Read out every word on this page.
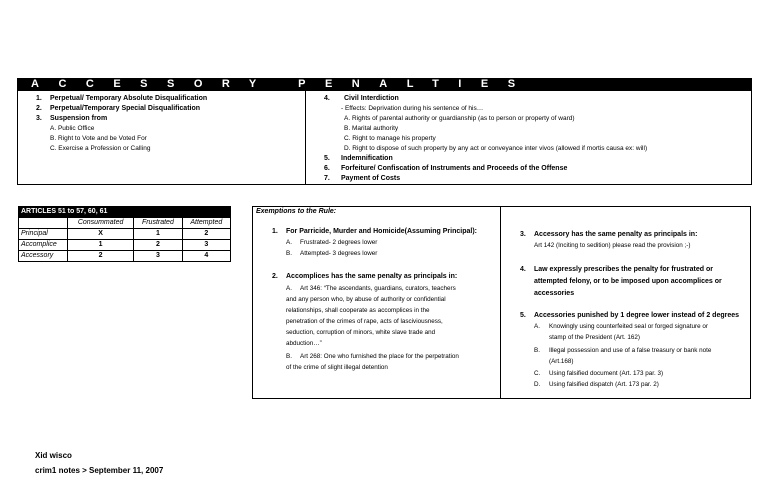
ACCESSORY PENALTIES
1. Perpetual/ Temporary Absolute Disqualification
2. Perpetual/Temporary Special Disqualification
3. Suspension from
A. Public Office
B. Right to Vote and be Voted For
C. Exercise a Profession or Calling
4. Civil Interdiction
- Effects: Deprivation during his sentence of his…
A. Rights of parental authority or guardianship (as to person or property of ward)
B. Marital authority
C. Right to manage his property
D. Right to dispose of such property by any act or conveyance inter vivos (allowed if mortis causa ex: will)
5. Indemnification
6. Forfeiture/ Confiscation of Instruments and Proceeds of the Offense
7. Payment of Costs
ARTICLES 51 to 57, 60, 61			
	Consummated	Frustrated	Attempted
Principal	X	1	2
Accomplice	1	2	3
Accessory	2	3	4
Exemptions to the Rule:
1. For Parricide, Murder and Homicide(Assuming Principal):
A. Frustrated- 2 degrees lower
B. Attempted- 3 degrees lower
2. Accomplices has the same penalty as principals in:
A. Art 346: “The ascendants, guardians, curators, teachers
and any person who, by abuse of authority or confidential
relationships, shall cooperate as accomplices in the
penetration of the crimes of rape, acts of lasciviousness,
seduction, corruption of minors, white slave trade and
abduction…”
B. Art 268: One who furnished the place for the perpetration
of the crime of slight illegal detention
3. Accessory has the same penalty as principals in:
Art 142 (Inciting to sedition) please read the provision ;-)
4. Law expressly prescribes the penalty for frustrated or
attempted felony, or to be imposed upon accomplices or
accessories
5. Accessories punished by 1 degree lower instead of 2 degrees
A. Knowingly using counterfeited seal or forged signature or
stamp of the President (Art. 162)
B. Illegal possession and use of a false treasury or bank note
(Art.168)
C. Using falsified document (Art. 173 par. 3)
D. Using falsified dispatch (Art. 173 par. 2)
Xid wisco
crim1 notes > September 11, 2007
